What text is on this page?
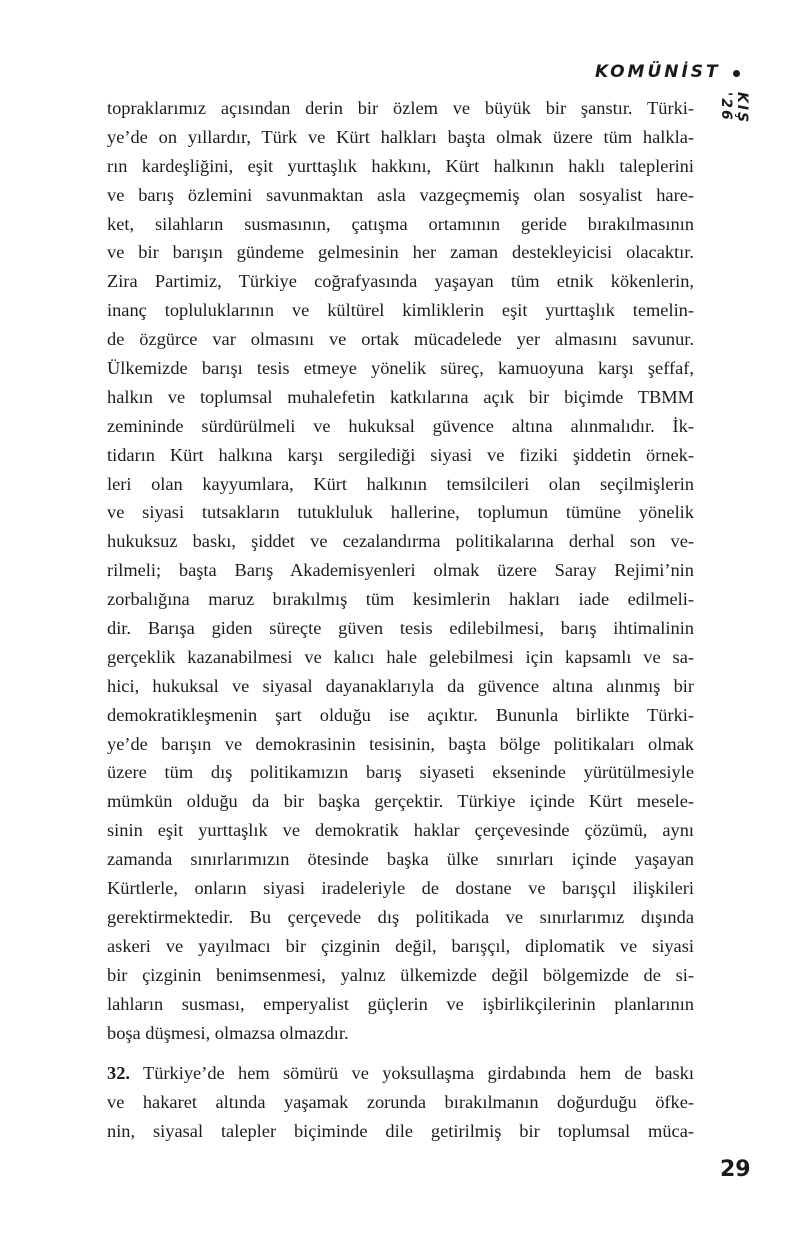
KOMÜNİST
KIŞ '26
topraklarımız açısından derin bir özlem ve büyük bir şanstır. Türki-
ye’de on yıllardır, Türk ve Kürt halkları başta olmak üzere tüm halkla-
rın kardeşliğini, eşit yurttaşlık hakkını, Kürt halkının haklı taleplerini
ve barış özlemini savunmaktan asla vazgeçmemiş olan sosyalist hare-
ket, silahların susmasının, çatışma ortamının geride bırakılmasının
ve bir barışın gündeme gelmesinin her zaman destekleyicisi olacaktır.
Zira Partimiz, Türkiye coğrafyasında yaşayan tüm etnik kökenlerin,
inanç topluluklarının ve kültürel kimliklerin eşit yurttaşlık temelin-
de özgürce var olmasını ve ortak mücadelede yer almasını savunur.
Ülkemizde barışı tesis etmeye yönelik süreç, kamuoyuna karşı şeffaf,
halkın ve toplumsal muhalefetin katkılarına açık bir biçimde TBMM
zemininde sürdürülmeli ve hukuksal güvence altına alınmalıdır. İk-
tidarın Kürt halkına karşı sergilediği siyasi ve fiziki şiddetin örnek-
leri olan kayyumlara, Kürt halkının temsilcileri olan seçilmişlerin
ve siyasi tutsakların tutukluluk hallerine, toplumun tümüne yönelik
hukuksuz baskı, şiddet ve cezalandırma politikalarına derhal son ve-
rilmeli; başta Barış Akademisyenleri olmak üzere Saray Rejimi’nin
zorbalığına maruz bırakılmış tüm kesimlerin hakları iade edilmeli-
dir. Barışa giden süreçte güven tesis edilebilmesi, barış ihtimalinin
gerçeklik kazanabilmesi ve kalıcı hale gelebilmesi için kapsamlı ve sa-
hici, hukuksal ve siyasal dayanaklarıyla da güvence altına alınmış bir
demokratikleşmenin şart olduğu ise açıktır. Bununla birlikte Türki-
ye’de barışın ve demokrasinin tesisinin, başta bölge politikaları olmak
üzere tüm dış politikamızın barış siyaseti ekseninde yürütülmesiyle
mümkün olduğu da bir başka gerçektir. Türkiye içinde Kürt mesele-
sinin eşit yurttaşlık ve demokratik haklar çerçevesinde çözümü, aynı
zamanda sınırlarımızın ötesinde başka ülke sınırları içinde yaşayan
Kürtlerle, onların siyasi iradeleriyle de dostane ve barışçıl ilişkileri
gerektirmektedir. Bu çerçevede dış politikada ve sınırlarımız dışında
askeri ve yayılmacı bir çizginin değil, barışçıl, diplomatik ve siyasi
bir çizginin benimsenmesi, yalnız ülkemizde değil bölgemizde de si-
lahların susması, emperyalist güçlerin ve işbirlikçilerinin planlarının
boşa düşmesi, olmazsa olmazdır.
32. Türkiye’de hem sömürü ve yoksullaşma girdabında hem de baskı
ve hakaret altında yaşamak zorunda bırakılmanın doğurduğu öfke-
nin, siyasal talepler biçiminde dile getirilmiş bir toplumsal müca-
29
